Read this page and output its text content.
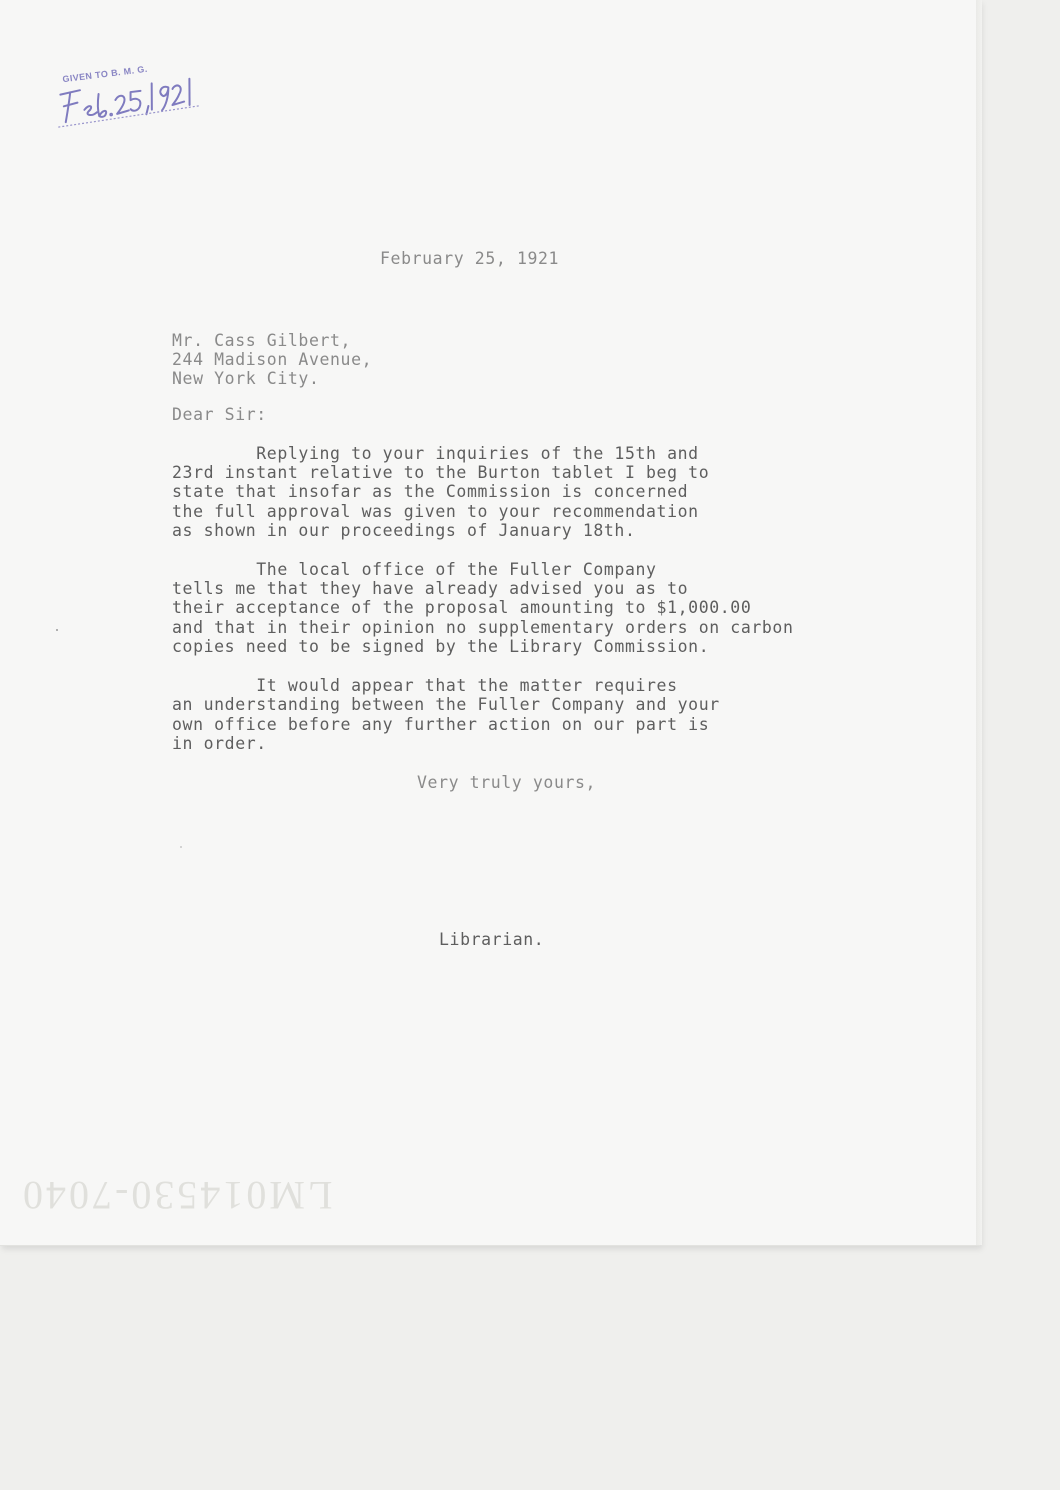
GIVEN TO B. M. G.

February 25, 1921

Mr. Cass Gilbert,

244 Madison Avenue,

New York City.

Dear Sir:

Replying to your inquiries of the 15th and

23rd instant relative to the Burton tablet I beg to

state that insofar as the Commission is concerned

the full approval was given to your recommendation

as shown in our proceedings of January 18th.

The local office of the Fuller Company

tells me that they have already advised you as to

their acceptance of the proposal amounting to $1,000.00

and that in their opinion no supplementary orders on carbon

copies need to be signed by the Library Commission.

It would appear that the matter requires

an understanding between the Fuller Company and your

own office before any further action on our part is

in order.

Very truly yours,

Librarian.

LM014530-7040
